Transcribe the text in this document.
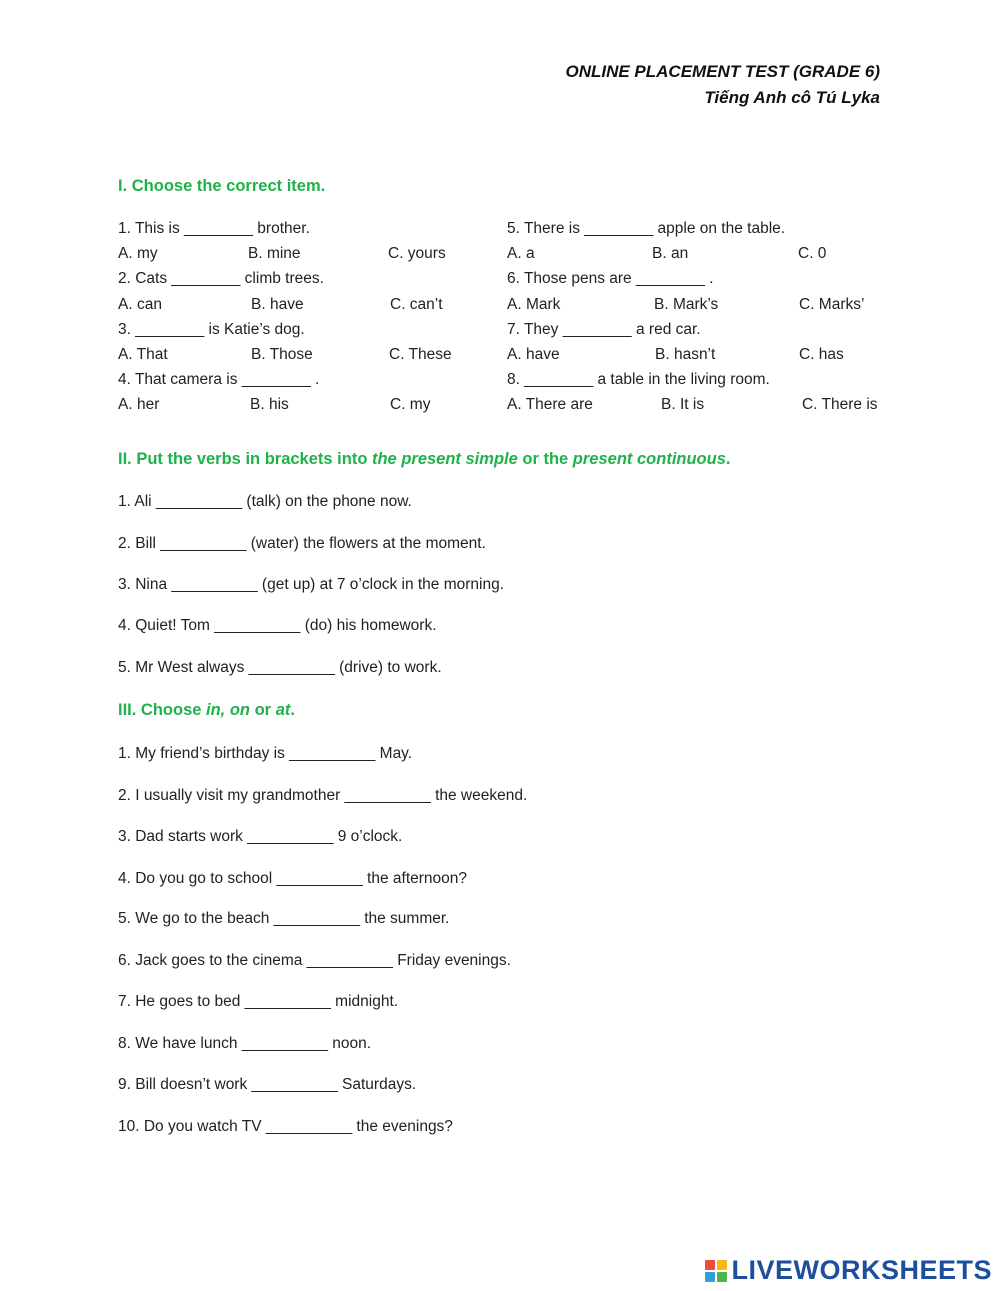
ONLINE PLACEMENT TEST (GRADE 6)
Tiếng Anh cô Tú Lyka
I. Choose the correct item.
1. This is ________ brother.
A. my	B. mine	C. yours
2. Cats ________ climb trees.
A. can	B. have	C. can’t
3. ________ is Katie’s dog.
A. That	B. Those	C. These
4. That camera is ________ .
A. her	B. his	C. my
5. There is ________ apple on the table.
A. a	B. an	C. 0
6. Those pens are ________ .
A. Mark	B. Mark’s	C. Marks’
7. They ________ a red car.
A. have	B. hasn’t	C. has
8. ________ a table in the living room.
A. There are	B. It is	C. There is
II. Put the verbs in brackets into the present simple or the present continuous.
1. Ali __________ (talk) on the phone now.
2. Bill __________ (water) the flowers at the moment.
3. Nina __________ (get up) at 7 o’clock in the morning.
4. Quiet! Tom __________ (do) his homework.
5. Mr West always __________ (drive) to work.
III. Choose in, on or at.
1. My friend’s birthday is __________ May.
2. I usually visit my grandmother __________ the weekend.
3. Dad starts work __________ 9 o’clock.
4. Do you go to school __________ the afternoon?
5. We go to the beach __________ the summer.
6. Jack goes to the cinema __________ Friday evenings.
7. He goes to bed __________ midnight.
8. We have lunch __________ noon.
9. Bill doesn’t work __________ Saturdays.
10. Do you watch TV __________ the evenings?
LIVEWORKSHEETS
